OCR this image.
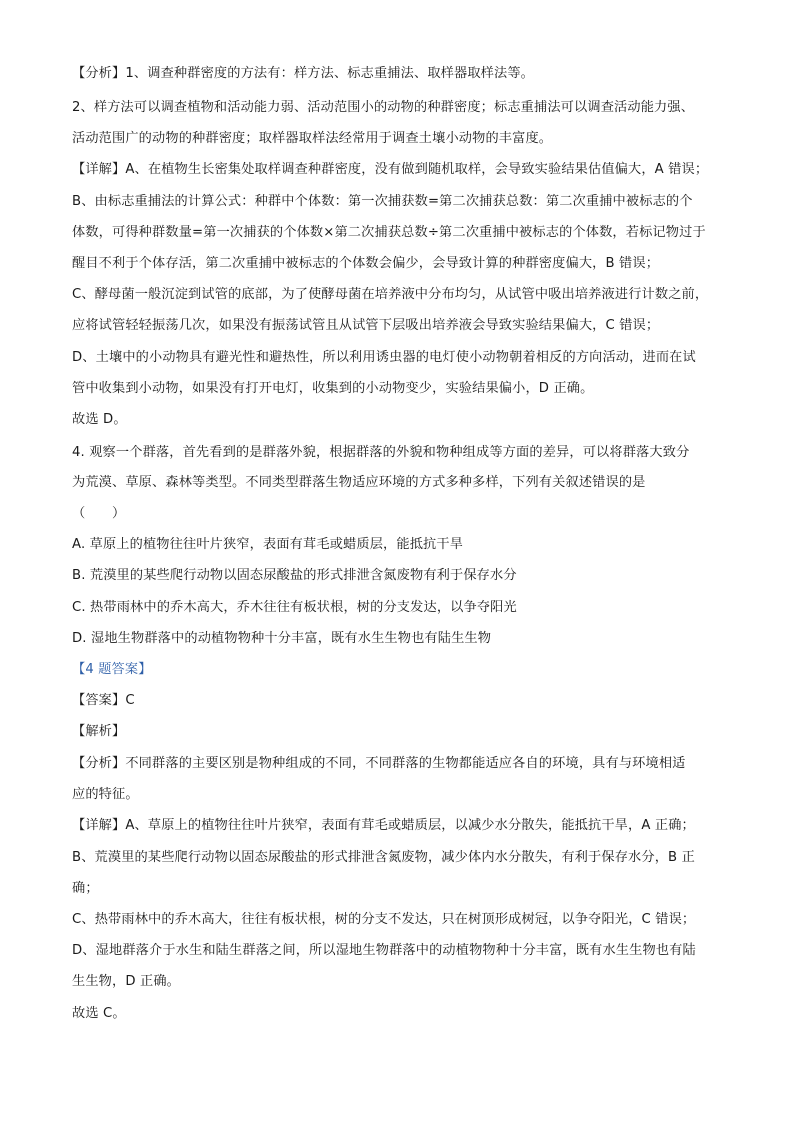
【分析】1、调查种群密度的方法有：样方法、标志重捕法、取样器取样法等。
2、样方法可以调查植物和活动能力弱、活动范围小的动物的种群密度；标志重捕法可以调查活动能力强、
活动范围广的动物的种群密度；取样器取样法经常用于调查土壤小动物的丰富度。
【详解】A、在植物生长密集处取样调查种群密度，没有做到随机取样，会导致实验结果估值偏大，A 错误；
B、由标志重捕法的计算公式：种群中个体数：第一次捕获数=第二次捕获总数：第二次重捕中被标志的个
体数，可得种群数量=第一次捕获的个体数×第二次捕获总数÷第二次重捕中被标志的个体数，若标记物过于
醒目不利于个体存活，第二次重捕中被标志的个体数会偏少，会导致计算的种群密度偏大，B 错误；
C、酵母菌一般沉淀到试管的底部，为了使酵母菌在培养液中分布均匀，从试管中吸出培养液进行计数之前，
应将试管轻轻振荡几次，如果没有振荡试管且从试管下层吸出培养液会导致实验结果偏大，C 错误；
D、土壤中的小动物具有避光性和避热性，所以利用诱虫器的电灯使小动物朝着相反的方向活动，进而在试
管中收集到小动物，如果没有打开电灯，收集到的小动物变少，实验结果偏小，D 正确。
故选 D。
4. 观察一个群落，首先看到的是群落外貌，根据群落的外貌和物种组成等方面的差异，可以将群落大致分
为荒漠、草原、森林等类型。不同类型群落生物适应环境的方式多种多样，下列有关叙述错误的是
（　　）
A. 草原上的植物往往叶片狭窄，表面有茸毛或蜡质层，能抵抗干旱
B. 荒漠里的某些爬行动物以固态尿酸盐的形式排泄含氮废物有利于保存水分
C. 热带雨林中的乔木高大，乔木往往有板状根，树的分支发达，以争夺阳光
D. 湿地生物群落中的动植物物种十分丰富，既有水生生物也有陆生生物
【4 题答案】
【答案】C
【解析】
【分析】不同群落的主要区别是物种组成的不同，不同群落的生物都能适应各自的环境，具有与环境相适
应的特征。
【详解】A、草原上的植物往往叶片狭窄，表面有茸毛或蜡质层，以减少水分散失，能抵抗干旱，A 正确；
B、荒漠里的某些爬行动物以固态尿酸盐的形式排泄含氮废物，减少体内水分散失，有利于保存水分，B 正
确；
C、热带雨林中的乔木高大，往往有板状根，树的分支不发达，只在树顶形成树冠，以争夺阳光，C 错误；
D、湿地群落介于水生和陆生群落之间，所以湿地生物群落中的动植物物种十分丰富，既有水生生物也有陆
生生物，D 正确。
故选 C。
